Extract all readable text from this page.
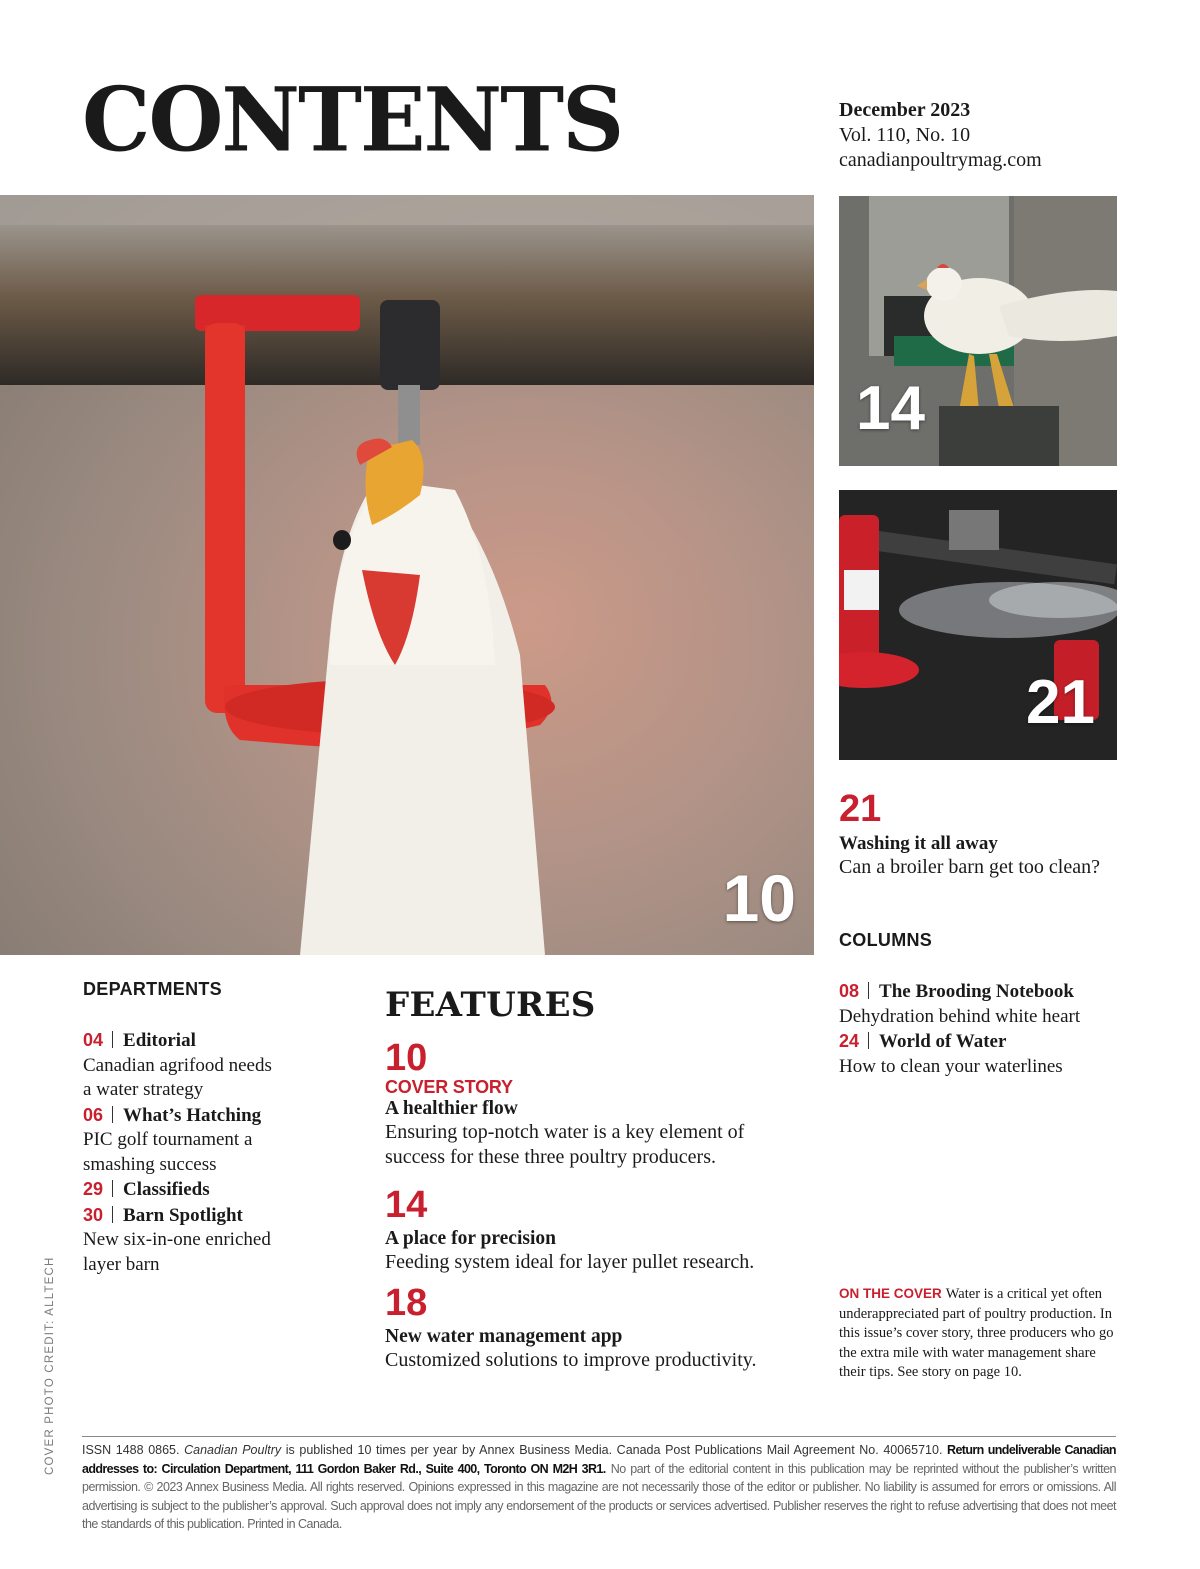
CONTENTS	December 2023
Vol. 110, No. 10
canadianpoultrymag.com
10
14
21
21
Washing it all away
Can a broiler barn get too clean?
COLUMNS
08 The Brooding Notebook
Dehydration behind white heart
24 World of Water
How to clean your waterlines
DEPARTMENTS
04 Editorial
Canadian agrifood needs
a water strategy
06 What’s Hatching
PIC golf tournament a
smashing success
29 Classifieds
30 Barn Spotlight
New six-in-one enriched
layer barn
FEATURES
10
COVER STORY
A healthier flow
Ensuring top-notch water is a key element of
success for these three poultry producers.
14
A place for precision
Feeding system ideal for layer pullet research.
18
New water management app
Customized solutions to improve productivity.
ON THE COVER Water is a critical yet often underappreciated part of poultry production. In this issue’s cover story, three producers who go the extra mile with water management share their tips. See story on page 10.
COVER PHOTO CREDIT: ALLTECH ISSN 1488 0865. Canadian Poultry is published 10 times per year by Annex Business Media. Canada Post Publications Mail Agreement No. 40065710. Return undeliverable Canadian addresses to: Circulation Department, 111 Gordon Baker Rd., Suite 400, Toronto ON M2H 3R1. No part of the editorial content in this publication may be reprinted without the publisher’s written permission. © 2023 Annex Business Media. All rights reserved. Opinions expressed in this magazine are not necessarily those of the editor or publisher. No liability is assumed for errors or omissions. All advertising is subject to the publisher’s approval. Such approval does not imply any endorsement of the products or services advertised. Publisher reserves the right to refuse advertising that does not meet the standards of this publication. Printed in Canada.
